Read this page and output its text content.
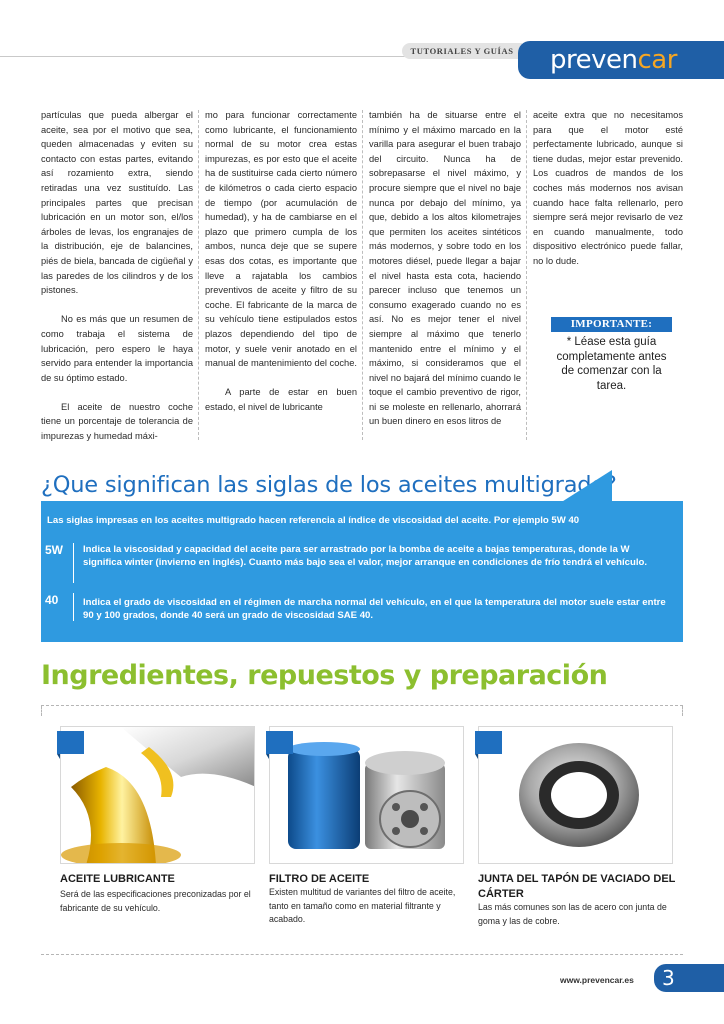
TUTORIALES Y GUÍAS	prevencar

partículas que pueda albergar el aceite, sea por el motivo que sea, queden almacenadas y eviten su contacto con estas partes, evitando así rozamiento extra, siendo retiradas una vez sustituído. Las principales partes que precisan lubricación en un motor son, el/los árboles de levas, los engranajes de la distribución, eje de balancines, piés de biela, bancada de cigüeñal y las paredes de los cilindros y de los pistones.

No es más que un resumen de como trabaja el sistema de lubricación, pero espero le haya servido para entender la importancia de su óptimo estado.

El aceite de nuestro coche tiene un porcentaje de tolerancia de impurezas y humedad máxi-

mo para funcionar correctamente como lubricante, el funcionamiento normal de su motor crea estas impurezas, es por esto que el aceite ha de sustituirse cada cierto número de kilómetros o cada cierto espacio de tiempo (por acumulación de humedad), y ha de cambiarse en el plazo que primero cumpla de los ambos, nunca deje que se supere esas dos cotas, es importante que lleve a rajatabla los cambios preventivos de aceite y filtro de su coche. El fabricante de la marca de su vehículo tiene estipulados estos plazos dependiendo del tipo de motor, y suele venir anotado en el manual de mantenimiento del coche.

A parte de estar en buen estado, el nivel de lubricante

también ha de situarse entre el mínimo y el máximo marcado en la varilla para asegurar el buen trabajo del circuito. Nunca ha de sobrepasarse el nivel máximo, y procure siempre que el nivel no baje nunca por debajo del mínimo, ya que, debido a los altos kilometrajes que permiten los aceites sintéticos más modernos, y sobre todo en los motores diésel, puede llegar a bajar el nivel hasta esta cota, haciendo parecer incluso que tenemos un consumo exagerado cuando no es así. No es mejor tener el nivel siempre al máximo que tenerlo mantenido entre el mínimo y el máximo, si consideramos que el nivel no bajará del mínimo cuando le toque el cambio preventivo de rigor, ni se moleste en rellenarlo, ahorrará un buen dinero en esos litros de

aceite extra que no necesitamos para que el motor esté perfectamente lubricado, aunque si tiene dudas, mejor estar prevenido. Los cuadros de mandos de los coches más modernos nos avisan cuando hace falta rellenarlo, pero siempre será mejor revisarlo de vez en cuando manualmente, todo dispositivo electrónico puede fallar, no lo dude.

IMPORTANTE:
* Léase esta guía completamente antes de comenzar con la tarea.
¿Que significan las siglas de los aceites multigrado?
Las siglas impresas en los aceites multigrado hacen referencia al índice de viscosidad del aceite. Por ejemplo 5W 40
5W Indica la viscosidad y capacidad del aceite para ser arrastrado por la bomba de aceite a bajas temperaturas, donde la W significa winter (invierno en inglés). Cuanto más bajo sea el valor, mejor arranque en condiciones de frío tendrá el vehículo.
40	Indica el grado de viscosidad en el régimen de marcha normal del vehículo, en el que la temperatura del motor suele estar entre 90 y 100 grados, donde 40 será un grado de viscosidad SAE 40.
Ingredientes, repuestos y preparación
ACEITE LUBRICANTE
Será de las especificaciones preconizadas por el fabricante de su vehículo.
FILTRO DE ACEITE
Existen multitud de variantes del filtro de aceite, tanto en tamaño como en material filtrante y acabado.
JUNTA DEL TAPÓN DE VACIADO DEL CÁRTER
Las más comunes son las de acero con junta de goma y las de cobre.
www.prevencar.es 3
